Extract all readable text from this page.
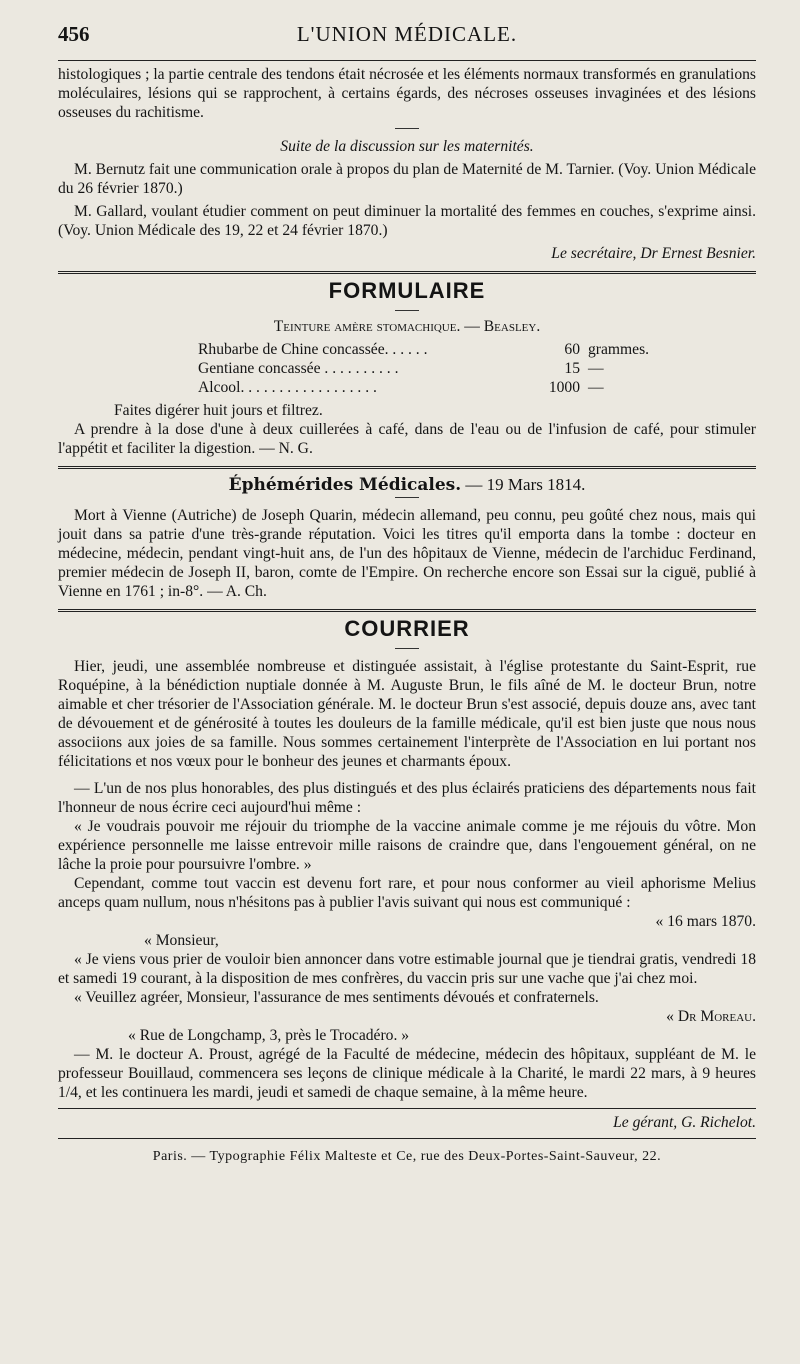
456	L'UNION MÉDICALE.

histologiques ; la partie centrale des tendons était nécrosée et les éléments normaux transformés en granulations moléculaires, lésions qui se rapprochent, à certains égards, des nécroses osseuses invaginées et des lésions osseuses du rachitisme.

Suite de la discussion sur les maternités.

M. Bernutz fait une communication orale à propos du plan de Maternité de M. Tarnier. (Voy. Union Médicale du 26 février 1870.)

M. Gallard, voulant étudier comment on peut diminuer la mortalité des femmes en couches, s'exprime ainsi. (Voy. Union Médicale des 19, 22 et 24 février 1870.)

Le secrétaire, Dr Ernest Besnier.

FORMULAIRE

Teinture amère stomachique. — Beasley.

Rhubarbe de Chine concassée. . . . . .	60 grammes.
Gentiane concassée . . . . . . . . . .	15 —
Alcool. . . . . . . . . . . . . . . . . .	1000 —

Faites digérer huit jours et filtrez.

A prendre à la dose d'une à deux cuillerées à café, dans de l'eau ou de l'infusion de café, pour stimuler l'appétit et faciliter la digestion. — N. G.

Éphémérides Médicales. — 19 Mars 1814.

Mort à Vienne (Autriche) de Joseph Quarin, médecin allemand, peu connu, peu goûté chez nous, mais qui jouit dans sa patrie d'une très-grande réputation. Voici les titres qu'il emporta dans la tombe : docteur en médecine, médecin, pendant vingt-huit ans, de l'un des hôpitaux de Vienne, médecin de l'archiduc Ferdinand, premier médecin de Joseph II, baron, comte de l'Empire. On recherche encore son Essai sur la ciguë, publié à Vienne en 1761 ; in-8°. — A. Ch.

COURRIER

Hier, jeudi, une assemblée nombreuse et distinguée assistait, à l'église protestante du Saint-Esprit, rue Roquépine, à la bénédiction nuptiale donnée à M. Auguste Brun, le fils aîné de M. le docteur Brun, notre aimable et cher trésorier de l'Association générale. M. le docteur Brun s'est associé, depuis douze ans, avec tant de dévouement et de générosité à toutes les douleurs de la famille médicale, qu'il est bien juste que nous nous associions aux joies de sa famille. Nous sommes certainement l'interprète de l'Association en lui portant nos félicitations et nos vœux pour le bonheur des jeunes et charmants époux.

— L'un de nos plus honorables, des plus distingués et des plus éclairés praticiens des départements nous fait l'honneur de nous écrire ceci aujourd'hui même :

« Je voudrais pouvoir me réjouir du triomphe de la vaccine animale comme je me réjouis du vôtre. Mon expérience personnelle me laisse entrevoir mille raisons de craindre que, dans l'engouement général, on ne lâche la proie pour poursuivre l'ombre. »

Cependant, comme tout vaccin est devenu fort rare, et pour nous conformer au vieil aphorisme Melius anceps quam nullum, nous n'hésitons pas à publier l'avis suivant qui nous est communiqué :

« 16 mars 1870.

« Monsieur,

« Je viens vous prier de vouloir bien annoncer dans votre estimable journal que je tiendrai gratis, vendredi 18 et samedi 19 courant, à la disposition de mes confrères, du vaccin pris sur une vache que j'ai chez moi.

« Veuillez agréer, Monsieur, l'assurance de mes sentiments dévoués et confraternels.

« Dr Moreau.

« Rue de Longchamp, 3, près le Trocadéro. »

— M. le docteur A. Proust, agrégé de la Faculté de médecine, médecin des hôpitaux, suppléant de M. le professeur Bouillaud, commencera ses leçons de clinique médicale à la Charité, le mardi 22 mars, à 9 heures 1/4, et les continuera les mardi, jeudi et samedi de chaque semaine, à la même heure.

Le gérant, G. Richelot.

Paris. — Typographie Félix Malteste et Ce, rue des Deux-Portes-Saint-Sauveur, 22.
